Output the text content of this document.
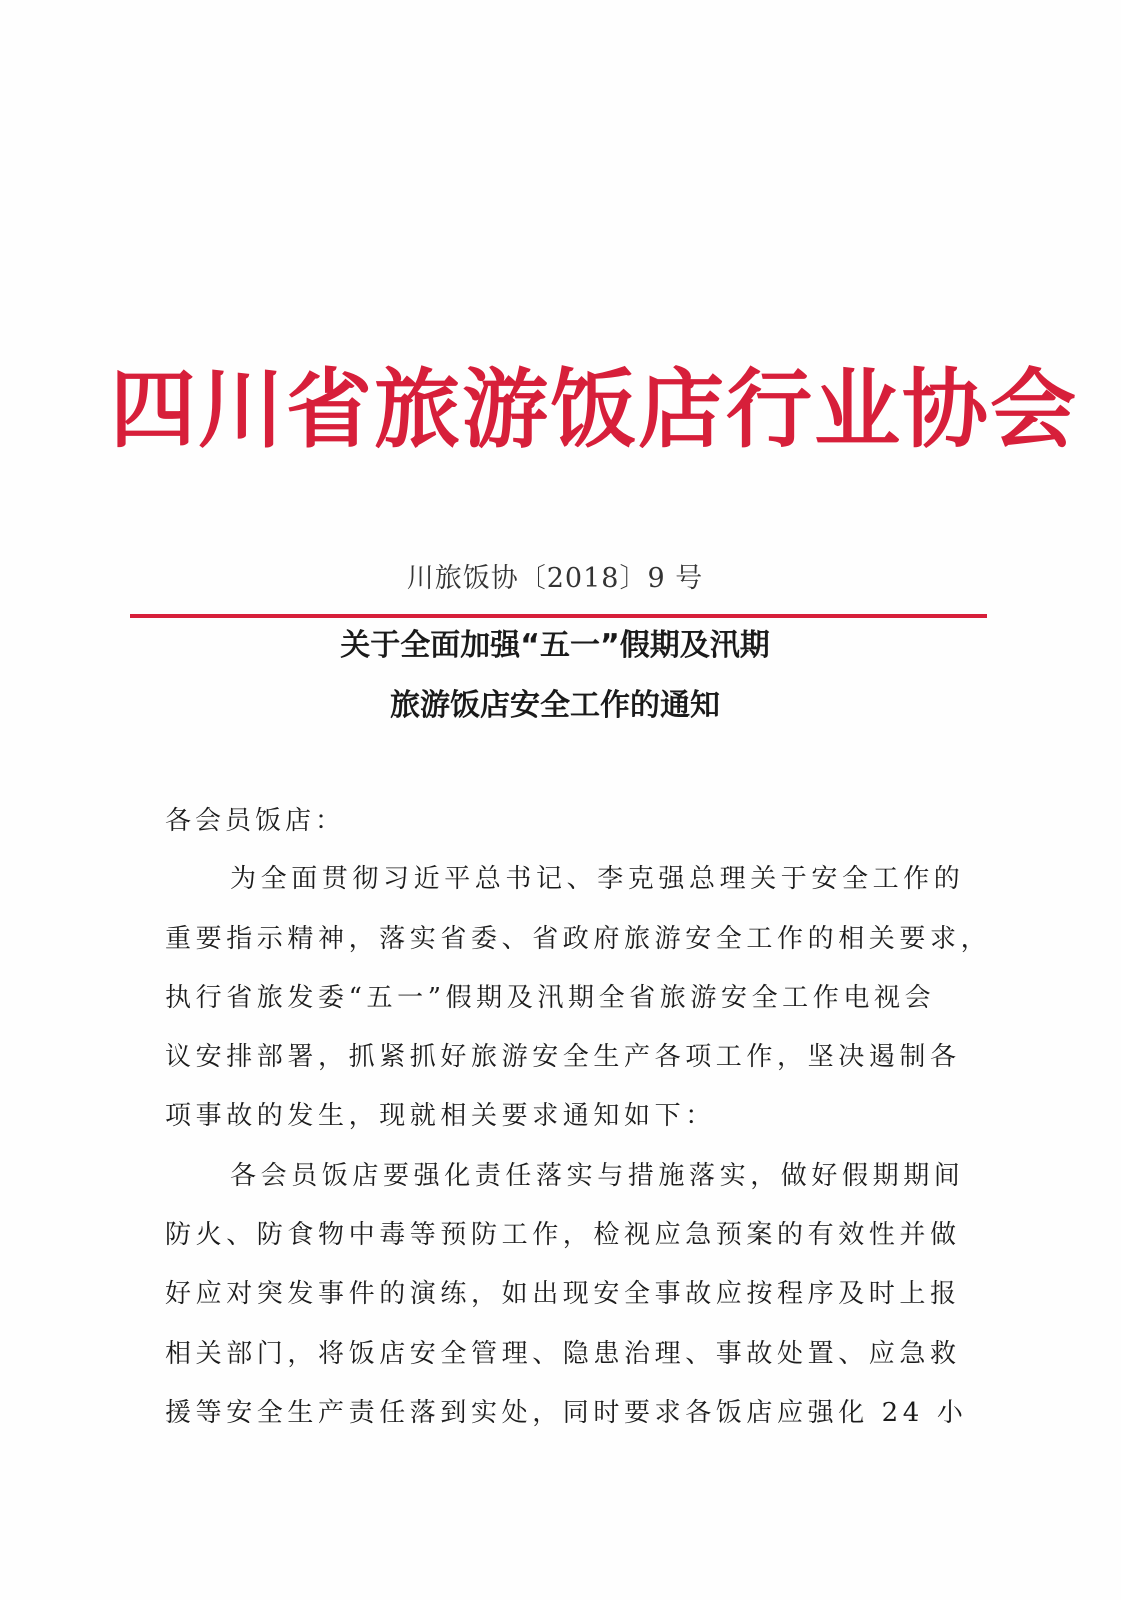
四川省旅游饭店行业协会
川旅饭协〔2018〕9 号
关于全面加强“五一”假期及汛期
旅游饭店安全工作的通知
各会员饭店：
为全面贯彻习近平总书记、李克强总理关于安全工作的
重要指示精神，落实省委、省政府旅游安全工作的相关要求，
执行省旅发委“五一”假期及汛期全省旅游安全工作电视会
议安排部署，抓紧抓好旅游安全生产各项工作，坚决遏制各
项事故的发生，现就相关要求通知如下：
各会员饭店要强化责任落实与措施落实，做好假期期间
防火、防食物中毒等预防工作，检视应急预案的有效性并做
好应对突发事件的演练，如出现安全事故应按程序及时上报
相关部门，将饭店安全管理、隐患治理、事故处置、应急救
援等安全生产责任落到实处，同时要求各饭店应强化 24 小
